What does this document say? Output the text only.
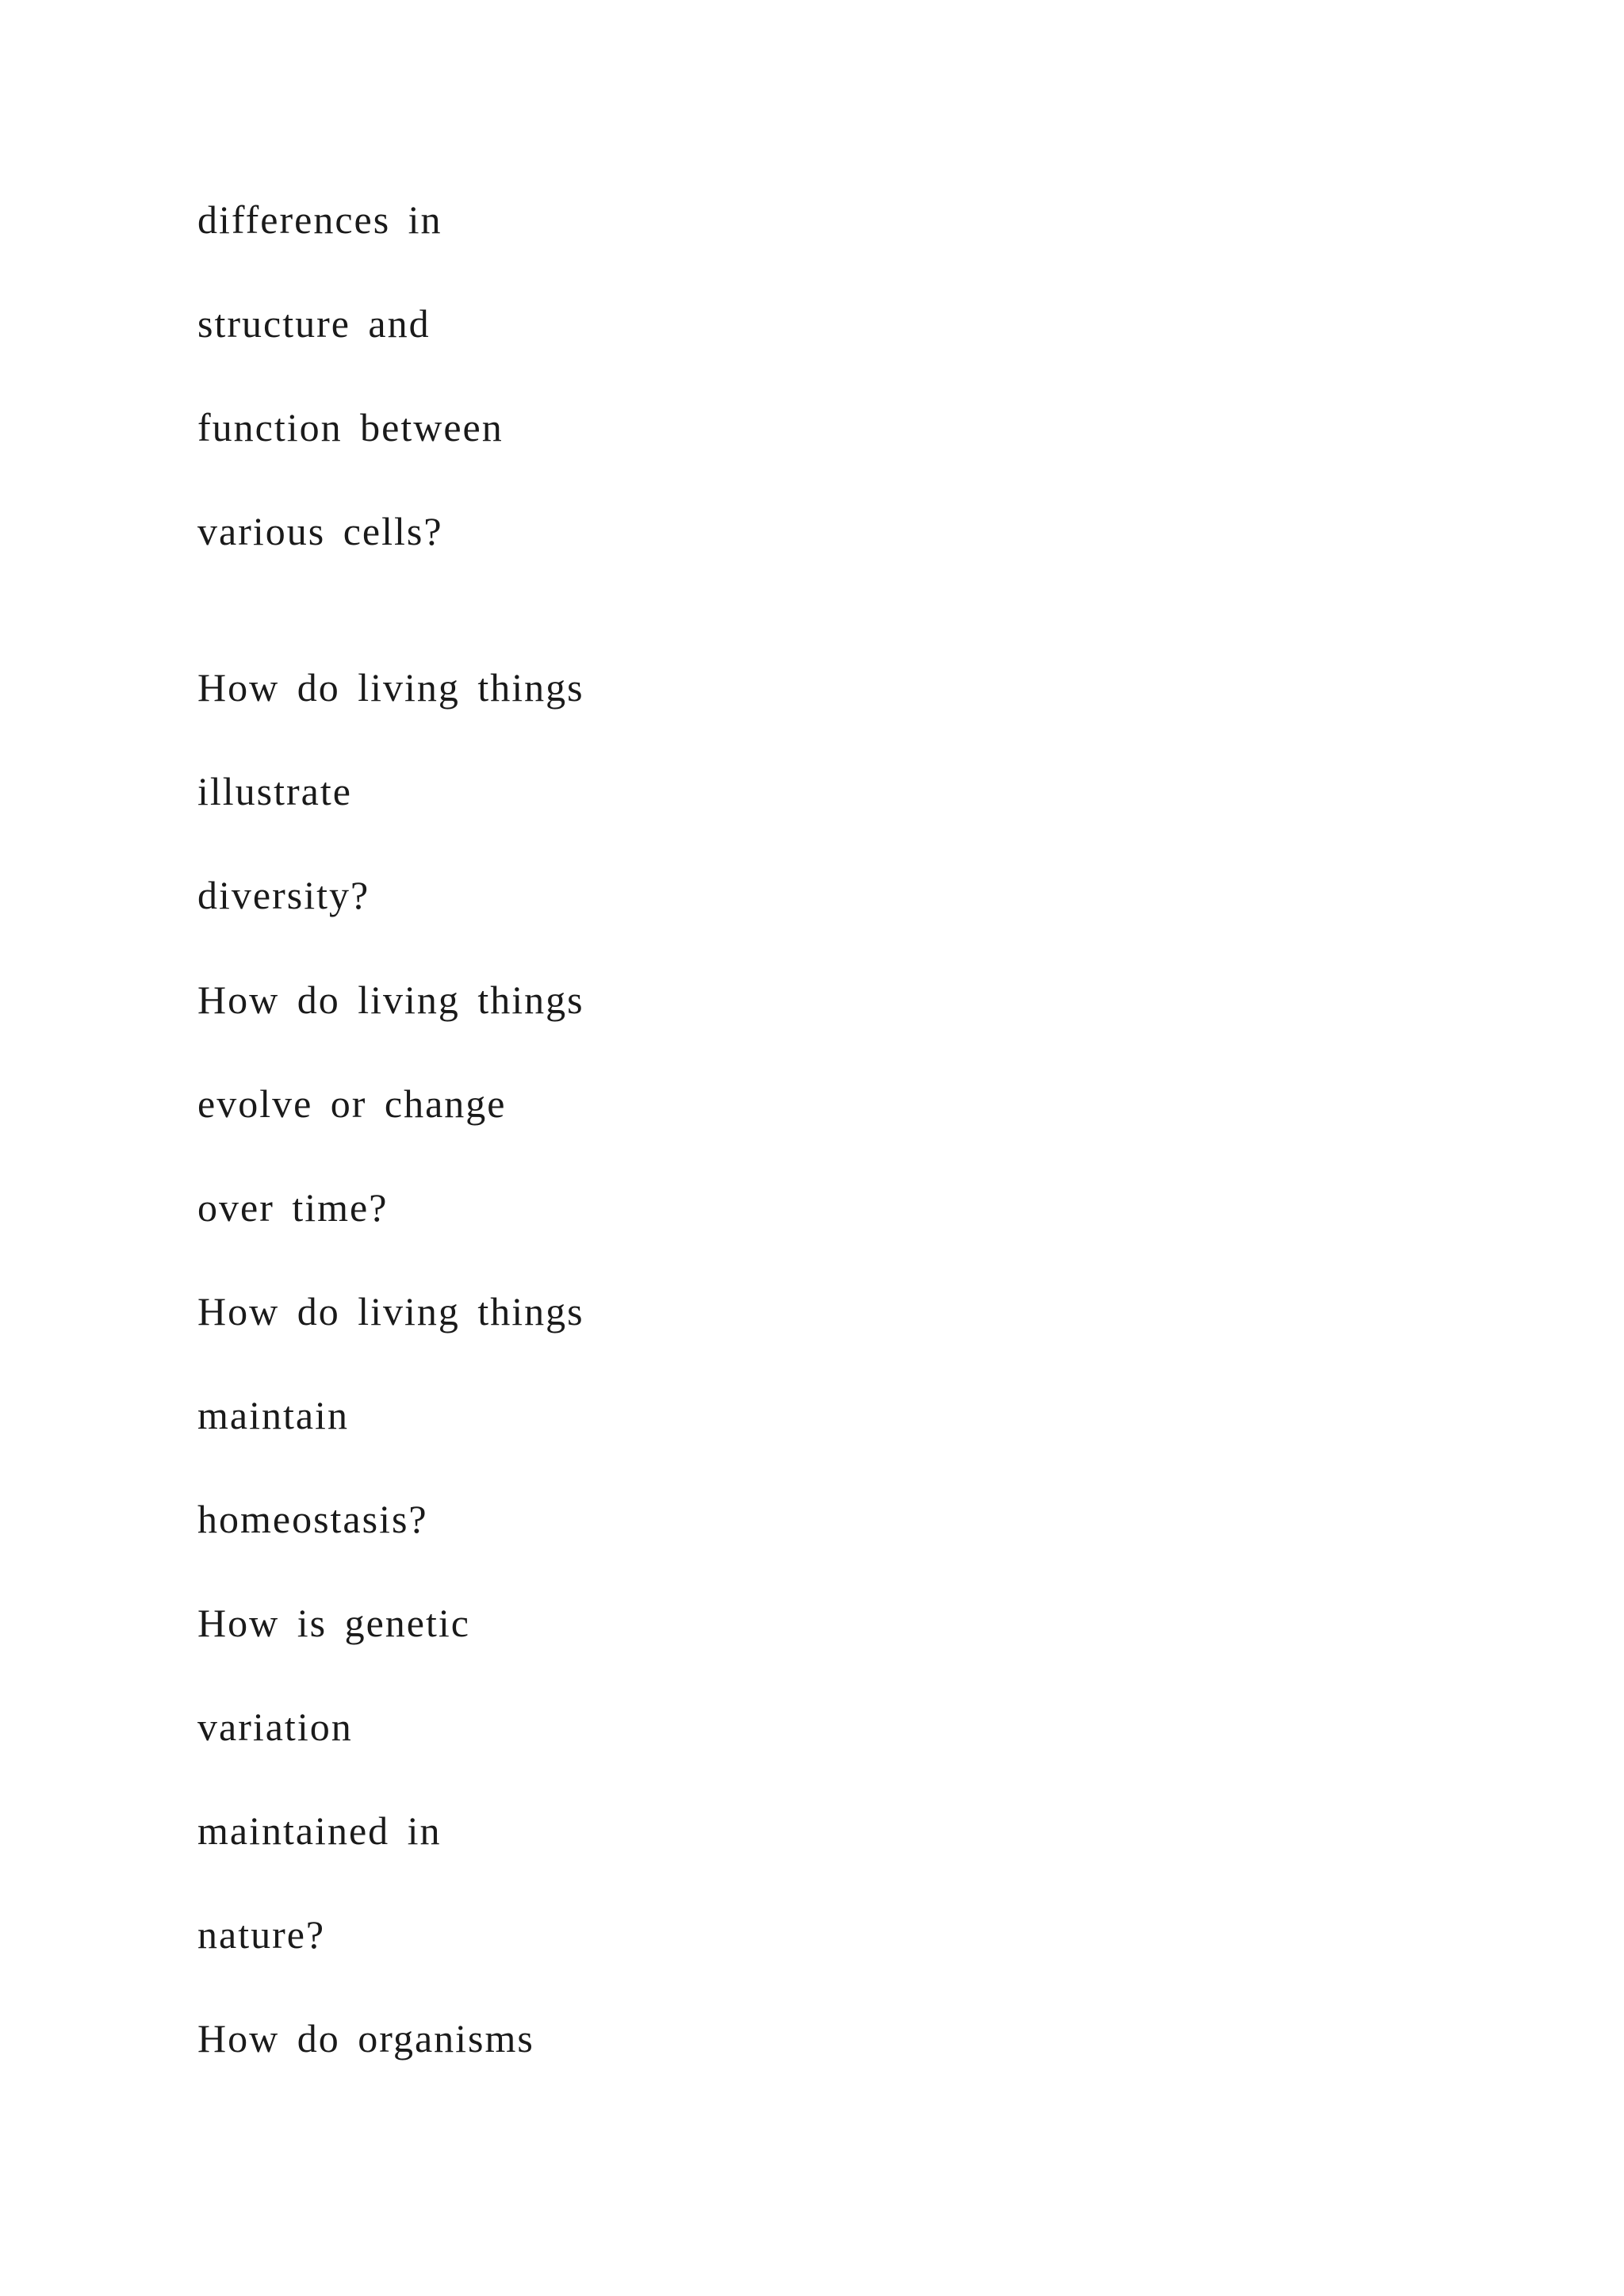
differences in
structure and
function between
various cells?
How do living things
illustrate
diversity?
How do living things
evolve or change
over time?
How do living things
maintain
homeostasis?
How is genetic
variation
maintained in
nature?
How do organisms
